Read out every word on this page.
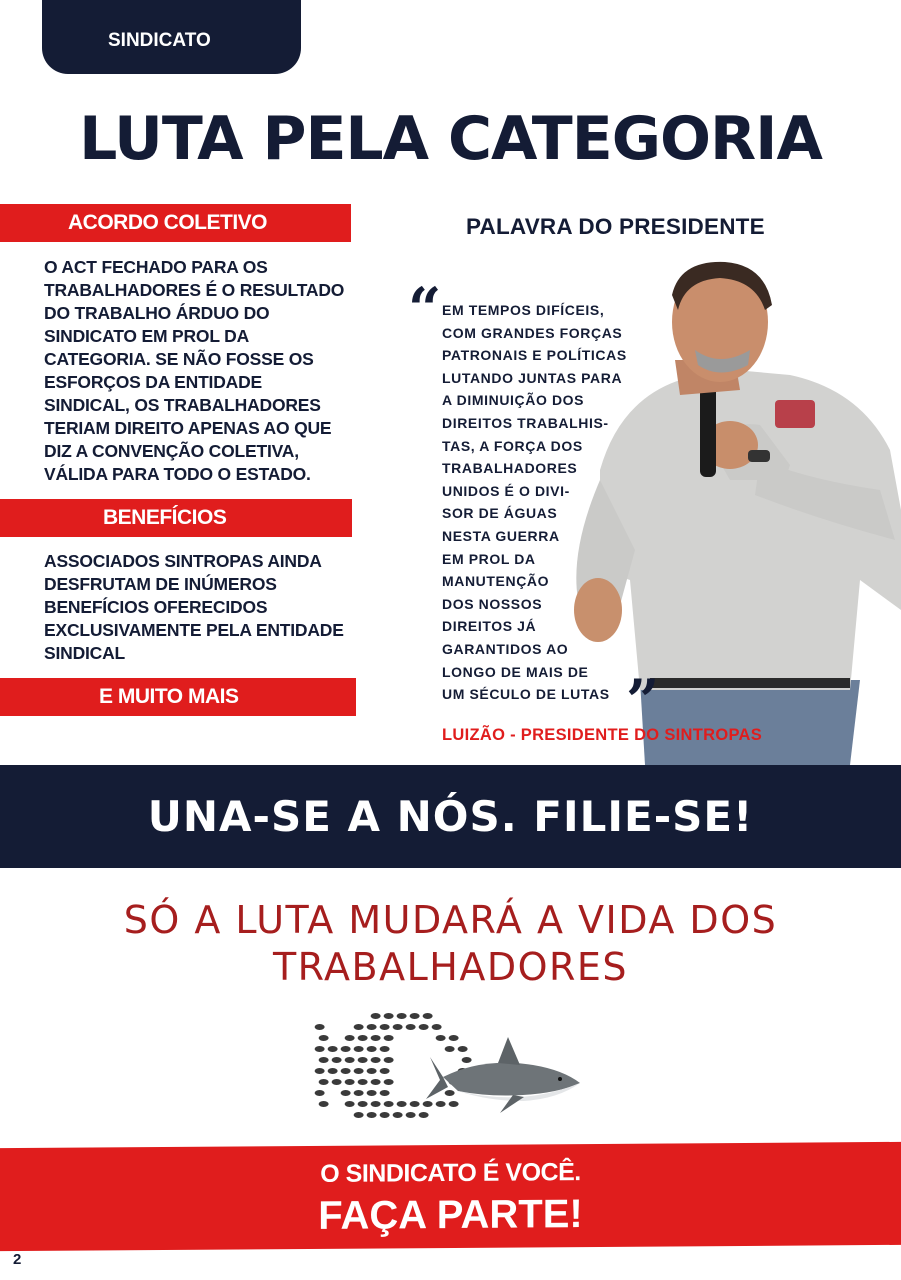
SINDICATO
LUTA PELA CATEGORIA
ACORDO COLETIVO

O ACT FECHADO PARA OS
TRABALHADORES É O RESULTADO
DO TRABALHO ÁRDUO DO
SINDICATO EM PROL DA
CATEGORIA. SE NÃO FOSSE OS
ESFORÇOS DA ENTIDADE
SINDICAL, OS TRABALHADORES
TERIAM DIREITO APENAS AO QUE
DIZ A CONVENÇÃO COLETIVA,
VÁLIDA PARA TODO O ESTADO.

BENEFÍCIOS

ASSOCIADOS SINTROPAS AINDA
DESFRUTAM DE INÚMEROS
BENEFÍCIOS OFERECIDOS
EXCLUSIVAMENTE PELA ENTIDADE
SINDICAL

E MUITO MAIS
PALAVRA DO PRESIDENTE
“ EM TEMPOS DIFÍCEIS,
COM GRANDES FORÇAS
PATRONAIS E POLÍTICAS
LUTANDO JUNTAS PARA
A DIMINUIÇÃO DOS
DIREITOS TRABALHIS-
TAS, A FORÇA DOS
TRABALHADORES
UNIDOS É O DIVI-
SOR DE ÁGUAS
NESTA GUERRA
EM PROL DA
MANUTENÇÃO
DOS NOSSOS
DIREITOS JÁ
GARANTIDOS AO
LONGO DE MAIS DE
UM SÉCULO DE LUTAS ”
LUIZÃO - PRESIDENTE DO SINTROPAS
UNA-SE A NÓS. FILIE-SE!
SÓ A LUTA MUDARÁ A VIDA DOS
TRABALHADORES
O SINDICATO É VOCÊ.
FAÇA PARTE!
2
